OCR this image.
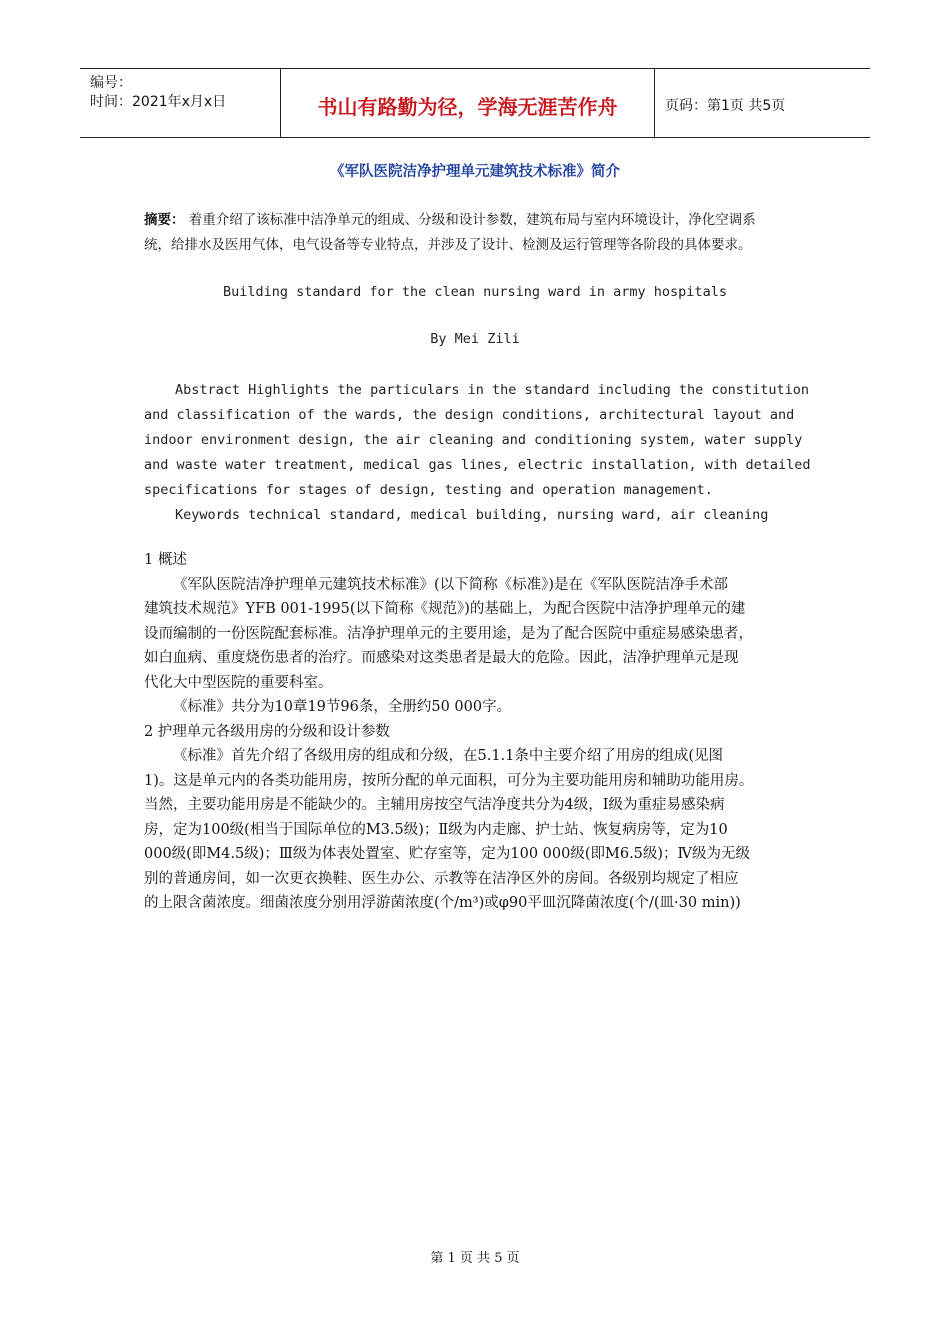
编号：
时间：2021年x月x日	书山有路勤为径，学海无涯苦作舟	页码：第1页 共5页
《军队医院洁净护理单元建筑技术标准》简介
摘要： 着重介绍了该标准中洁净单元的组成、分级和设计参数，建筑布局与室内环境设计，净化空调系
统，给排水及医用气体，电气设备等专业特点，并涉及了设计、检测及运行管理等各阶段的具体要求。
Building standard for the clean nursing ward in army hospitals
By Mei Zili
Abstract Highlights the particulars in the standard including the constitution
and classification of the wards, the design conditions, architectural layout and
indoor environment design, the air cleaning and conditioning system, water supply
and waste water treatment, medical gas lines, electric installation, with detailed
specifications for stages of design, testing and operation management.
Keywords technical standard, medical building, nursing ward, air cleaning
1 概述
《军队医院洁净护理单元建筑技术标准》(以下简称《标准》)是在《军队医院洁净手术部
建筑技术规范》YFB 001-1995(以下简称《规范》)的基础上，为配合医院中洁净护理单元的建
设而编制的一份医院配套标准。洁净护理单元的主要用途，是为了配合医院中重症易感染患者，
如白血病、重度烧伤患者的治疗。而感染对这类患者是最大的危险。因此，洁净护理单元是现
代化大中型医院的重要科室。
《标准》共分为10章19节96条，全册约50 000字。
2 护理单元各级用房的分级和设计参数
《标准》首先介绍了各级用房的组成和分级，在5.1.1条中主要介绍了用房的组成(见图
1)。这是单元内的各类功能用房，按所分配的单元面积，可分为主要功能用房和辅助功能用房。
当然，主要功能用房是不能缺少的。主辅用房按空气洁净度共分为4级，Ⅰ级为重症易感染病
房，定为100级(相当于国际单位的M3.5级)；Ⅱ级为内走廊、护士站、恢复病房等，定为10
000级(即M4.5级)；Ⅲ级为体表处置室、贮存室等，定为100 000级(即M6.5级)；Ⅳ级为无级
别的普通房间，如一次更衣换鞋、医生办公、示教等在洁净区外的房间。各级别均规定了相应
的上限含菌浓度。细菌浓度分别用浮游菌浓度(个/m³)或φ90平皿沉降菌浓度(个/(皿·30 min))
第 1 页 共 5 页
